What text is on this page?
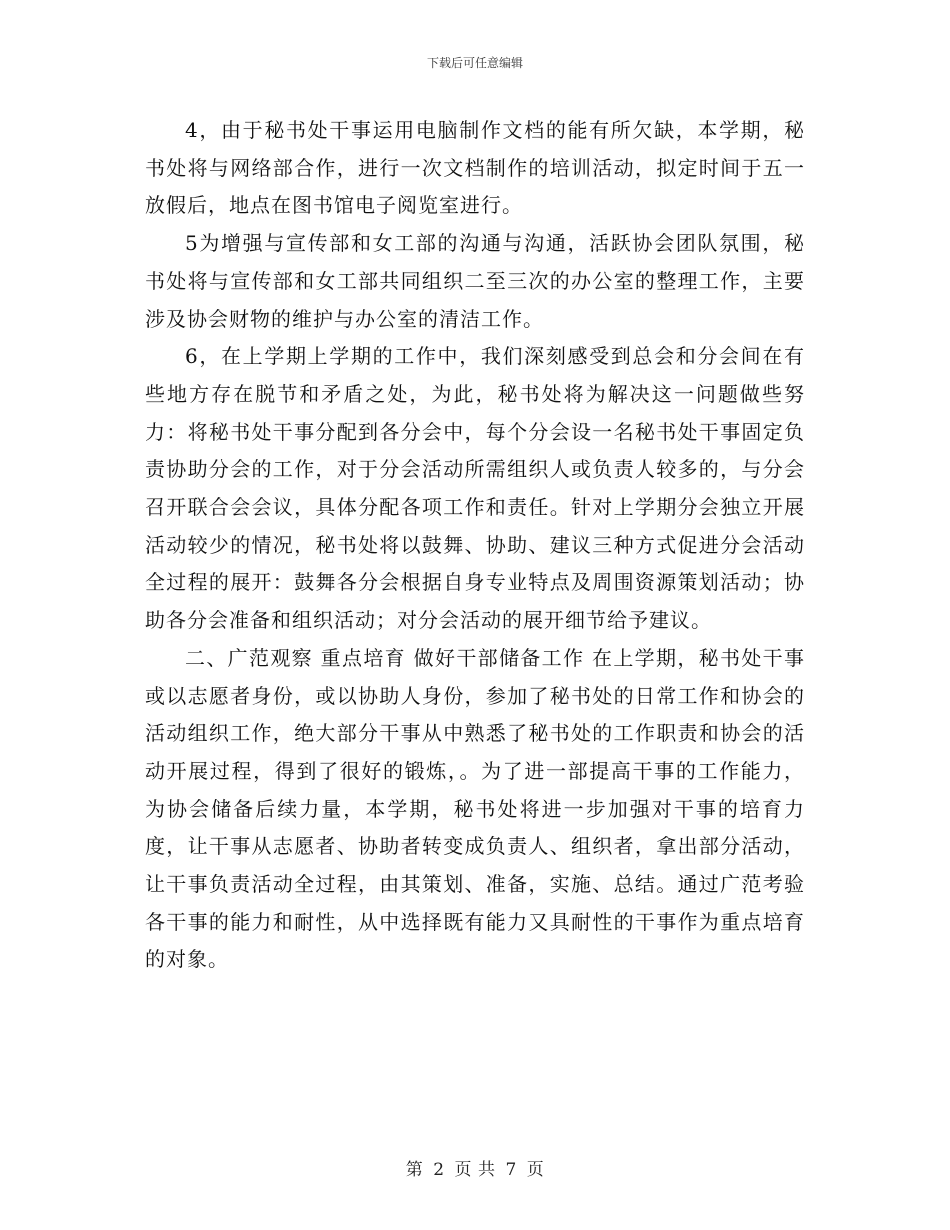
下载后可任意编辑

4，由于秘书处干事运用电脑制作文档的能有所欠缺，本学期，秘书处将与网络部合作，进行一次文档制作的培训活动，拟定时间于五一放假后，地点在图书馆电子阅览室进行。

5为增强与宣传部和女工部的沟通与沟通，活跃协会团队氛围，秘书处将与宣传部和女工部共同组织二至三次的办公室的整理工作，主要涉及协会财物的维护与办公室的清洁工作。

6，在上学期上学期的工作中，我们深刻感受到总会和分会间在有些地方存在脱节和矛盾之处，为此，秘书处将为解决这一问题做些努力：将秘书处干事分配到各分会中，每个分会设一名秘书处干事固定负责协助分会的工作，对于分会活动所需组织人或负责人较多的，与分会召开联合会会议，具体分配各项工作和责任。针对上学期分会独立开展活动较少的情况，秘书处将以鼓舞、协助、建议三种方式促进分会活动全过程的展开：鼓舞各分会根据自身专业特点及周围资源策划活动；协助各分会准备和组织活动；对分会活动的展开细节给予建议。

二、广范观察 重点培育 做好干部储备工作 在上学期，秘书处干事或以志愿者身份，或以协助人身份，参加了秘书处的日常工作和协会的活动组织工作，绝大部分干事从中熟悉了秘书处的工作职责和协会的活动开展过程，得到了很好的锻炼，。为了进一部提高干事的工作能力，为协会储备后续力量，本学期，秘书处将进一步加强对干事的培育力度，让干事从志愿者、协助者转变成负责人、组织者，拿出部分活动，让干事负责活动全过程，由其策划、准备，实施、总结。通过广范考验各干事的能力和耐性，从中选择既有能力又具耐性的干事作为重点培育的对象。

第 2 页 共 7 页
